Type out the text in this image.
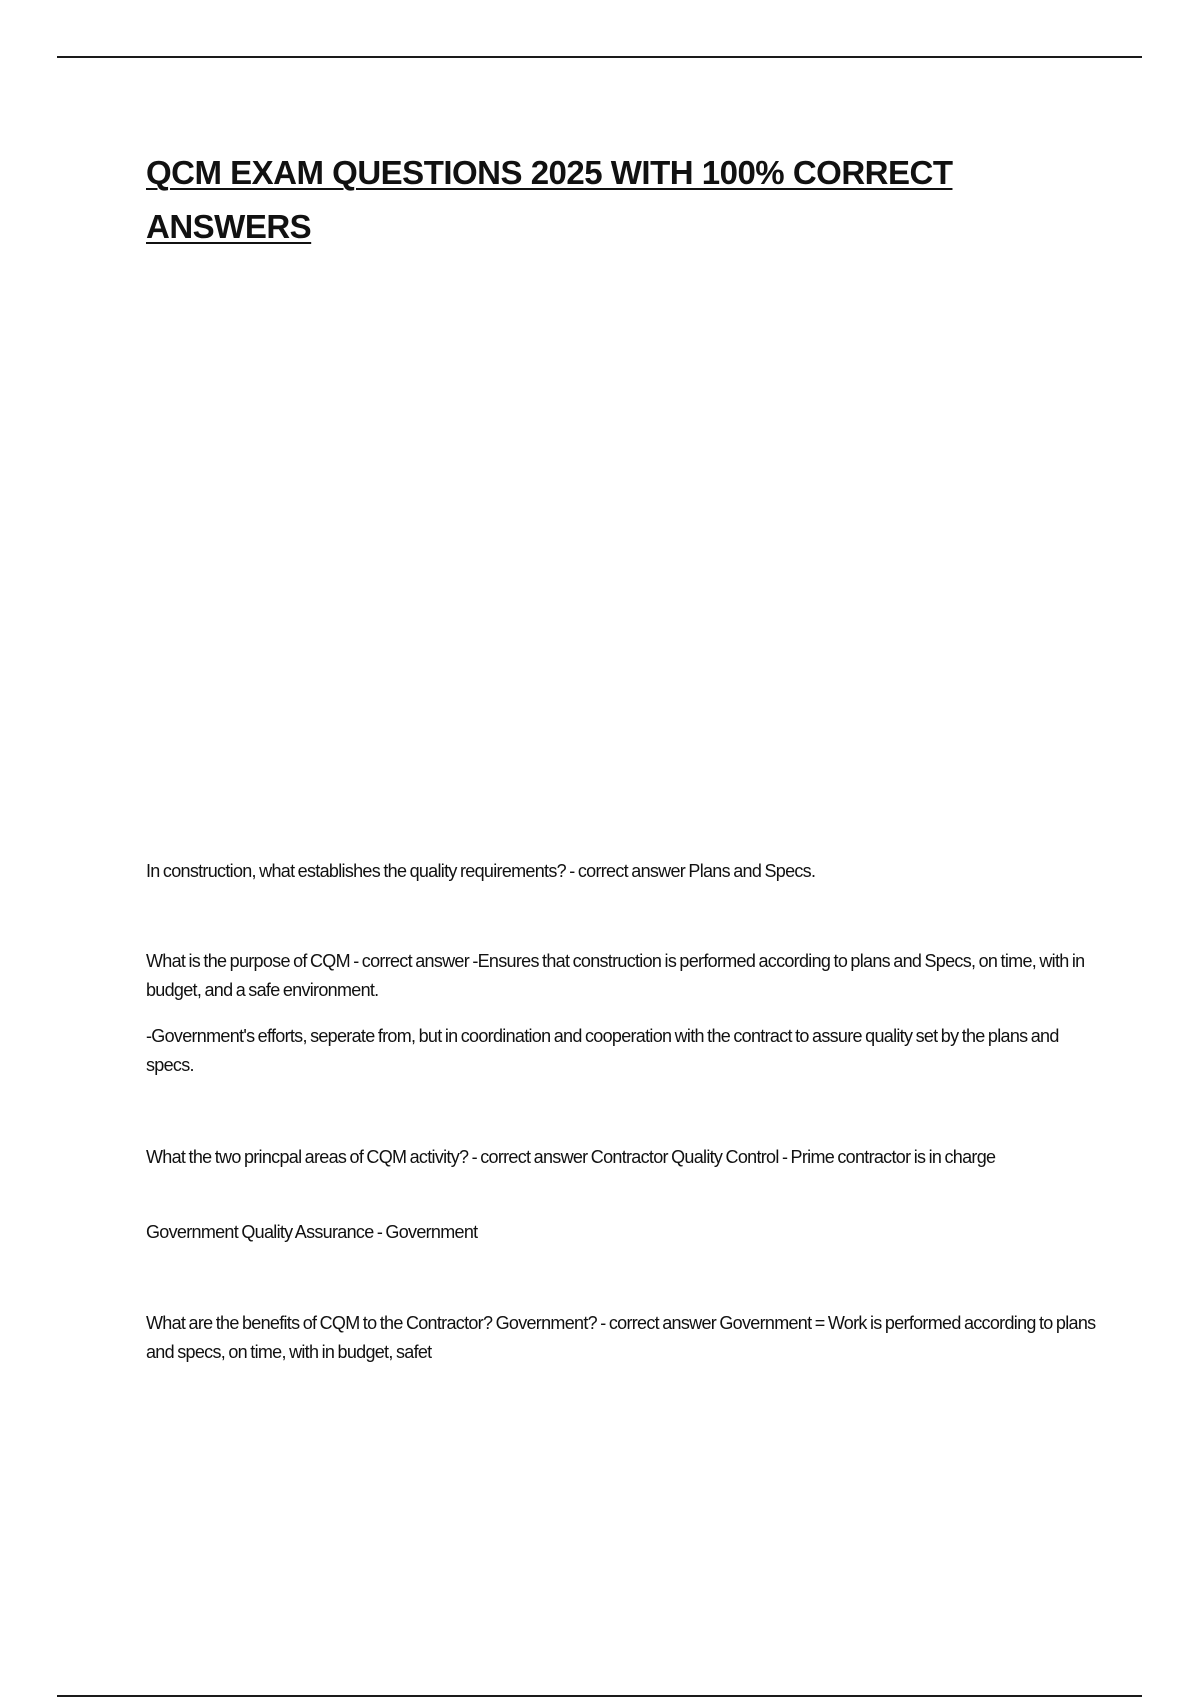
QCM EXAM QUESTIONS 2025 WITH 100% CORRECT ANSWERS

In construction, what establishes the quality requirements? - correct answer Plans and Specs.

What is the purpose of CQM - correct answer -Ensures that construction is performed according to plans and Specs, on time, with in budget, and a safe environment.

-Government's efforts, seperate from, but in coordination and cooperation with the contract to assure quality set by the plans and specs.

What the two princpal areas of CQM activity? - correct answer Contractor Quality Control - Prime contractor is in charge

Government Quality Assurance - Government

What are the benefits of CQM to the Contractor? Government? - correct answer Government = Work is performed according to plans and specs, on time, with in budget, safet
